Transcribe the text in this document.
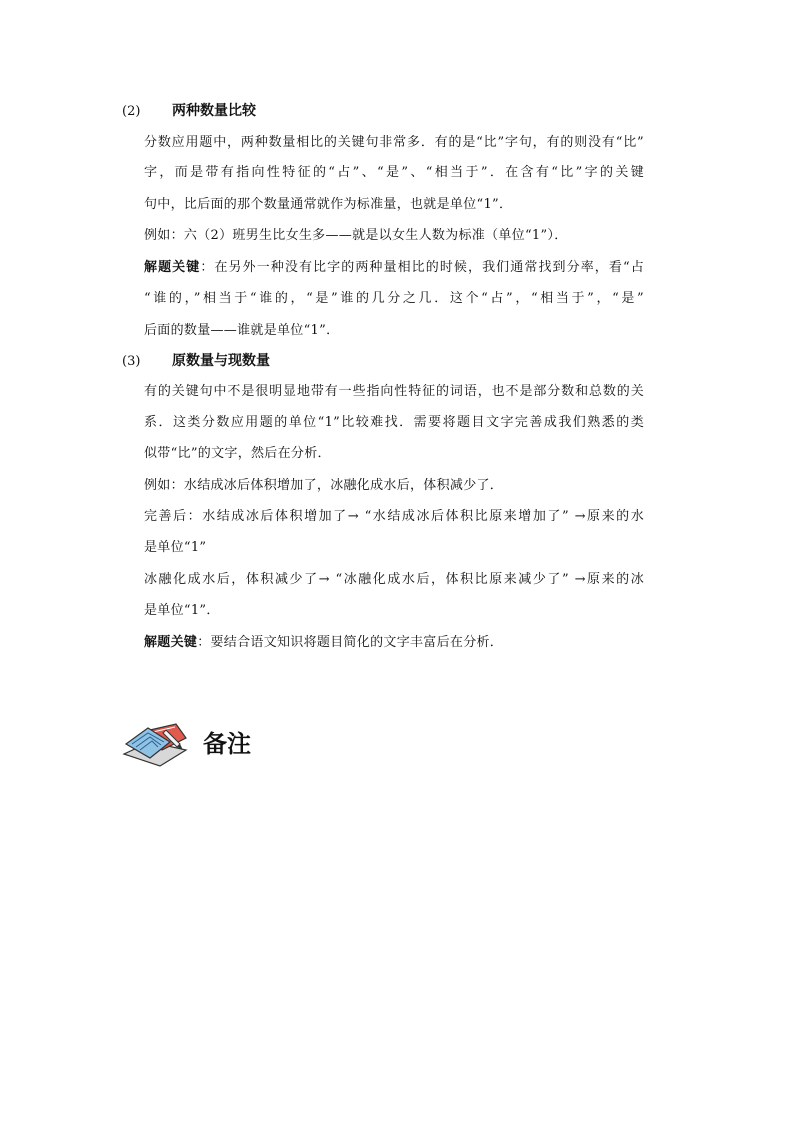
(2) 两种数量比较
分数应用题中，两种数量相比的关键句非常多．有的是“比”字句，有的则没有“比”
字，而是带有指向性特征的“占”、“是”、“相当于”．在含有“比”字的关键
句中，比后面的那个数量通常就作为标准量，也就是单位“1”．
例如：六（2）班男生比女生多——就是以女生人数为标准（单位“1”）．
解题关键：在另外一种没有比字的两种量相比的时候，我们通常找到分率，看“占
“谁的，”相当于“谁的，“是”谁的几分之几．这个“占”，“相当于”，“是”
后面的数量——谁就是单位“1”．
(3) 原数量与现数量
有的关键句中不是很明显地带有一些指向性特征的词语，也不是部分数和总数的关
系．这类分数应用题的单位“1”比较难找．需要将题目文字完善成我们熟悉的类
似带“比”的文字，然后在分析．
例如：水结成冰后体积增加了，冰融化成水后，体积减少了．
完善后：水结成冰后体积增加了→ “水结成冰后体积比原来增加了” →原来的水
是单位“1”
冰融化成水后，体积减少了→ “冰融化成水后，体积比原来减少了” →原来的冰
是单位“1”．
解题关键：要结合语文知识将题目简化的文字丰富后在分析．
备注
